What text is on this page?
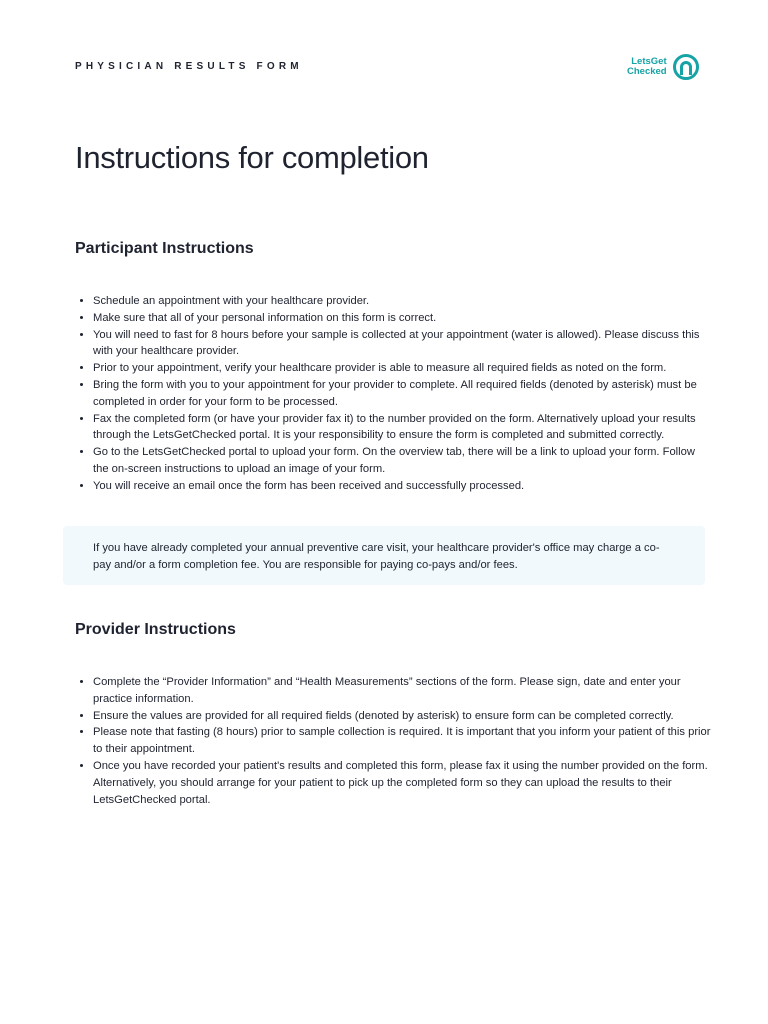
PHYSICIAN RESULTS FORM	LetsGet
Checked
Instructions for completion
Participant Instructions
• Schedule an appointment with your healthcare provider.
• Make sure that all of your personal information on this form is correct.
• You will need to fast for 8 hours before your sample is collected at your appointment (water is allowed). Please discuss this with your healthcare provider.
• Prior to your appointment, verify your healthcare provider is able to measure all required fields as noted on the form.
• Bring the form with you to your appointment for your provider to complete. All required fields (denoted by asterisk) must be completed in order for your form to be processed.
• Fax the completed form (or have your provider fax it) to the number provided on the form. Alternatively upload your results through the LetsGetChecked portal. It is your responsibility to ensure the form is completed and submitted correctly.
• Go to the LetsGetChecked portal to upload your form. On the overview tab, there will be a link to upload your form. Follow the on-screen instructions to upload an image of your form.
• You will receive an email once the form has been received and successfully processed.
If you have already completed your annual preventive care visit, your healthcare provider's office may charge a co-pay and/or a form completion fee. You are responsible for paying co-pays and/or fees.
Provider Instructions
• Complete the “Provider Information” and “Health Measurements” sections of the form. Please sign, date and enter your practice information.
• Ensure the values are provided for all required fields (denoted by asterisk) to ensure form can be completed correctly.
• Please note that fasting (8 hours) prior to sample collection is required. It is important that you inform your patient of this prior to their appointment.
• Once you have recorded your patient's results and completed this form, please fax it using the number provided on the form. Alternatively, you should arrange for your patient to pick up the completed form so they can upload the results to their LetsGetChecked portal.
